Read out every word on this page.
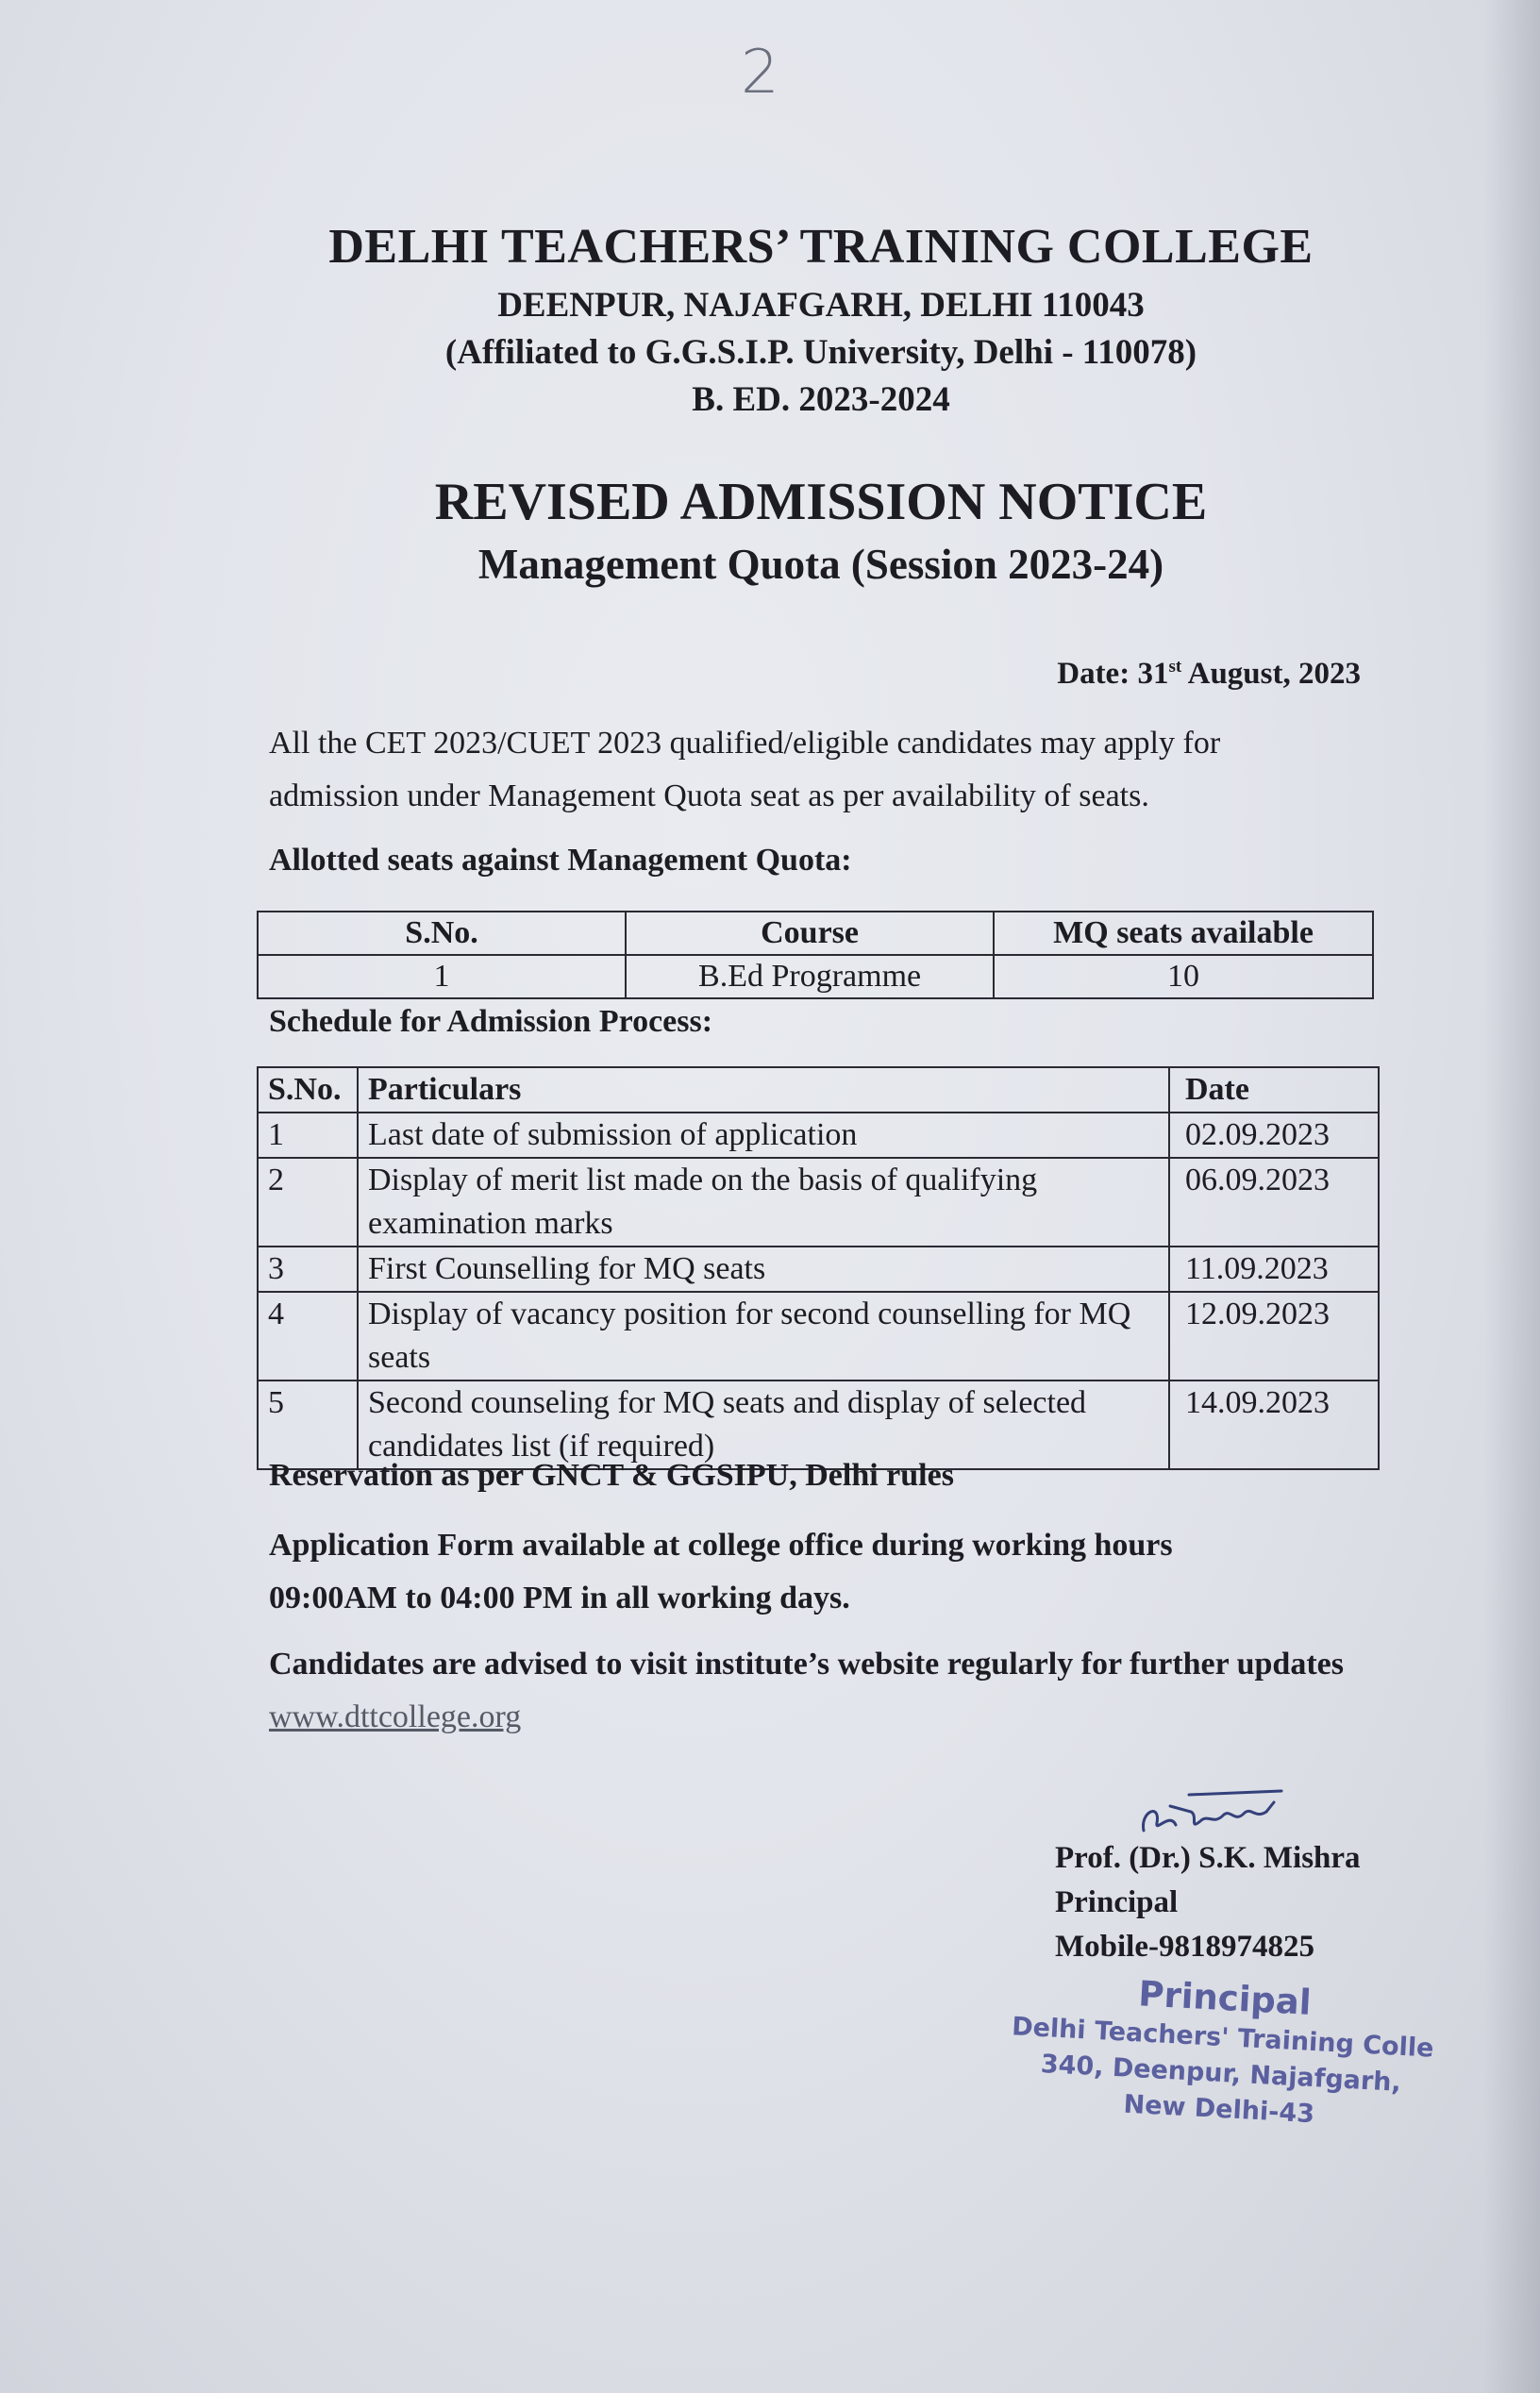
2
DELHI TEACHERS’ TRAINING COLLEGE
DEENPUR, NAJAFGARH, DELHI 110043
(Affiliated to G.G.S.I.P. University, Delhi - 110078)
B. ED. 2023-2024
REVISED ADMISSION NOTICE
Management Quota (Session 2023-24)
Date: 31st August, 2023
All the CET 2023/CUET 2023 qualified/eligible candidates may apply for admission under Management Quota seat as per availability of seats.
Allotted seats against Management Quota:
S.No.	Course	MQ seats available
1	B.Ed Programme	10
Schedule for Admission Process:
S.No.	Particulars	Date
1	Last date of submission of application	02.09.2023
2	Display of merit list made on the basis of qualifying examination marks	06.09.2023
3	First Counselling for MQ seats	11.09.2023
4	Display of vacancy position for second counselling for MQ seats	12.09.2023
5	Second counseling for MQ seats and display of selected candidates list (if required)	14.09.2023
Reservation as per GNCT & GGSIPU, Delhi rules
Application Form available at college office during working hours 09:00AM to 04:00 PM in all working days.
Candidates are advised to visit institute’s website regularly for further updates www.dttcollege.org
Prof. (Dr.) S.K. Mishra
Principal
Mobile-9818974825
Principal
Delhi Teachers' Training Colle
340, Deenpur, Najafgarh,
New Delhi-43
